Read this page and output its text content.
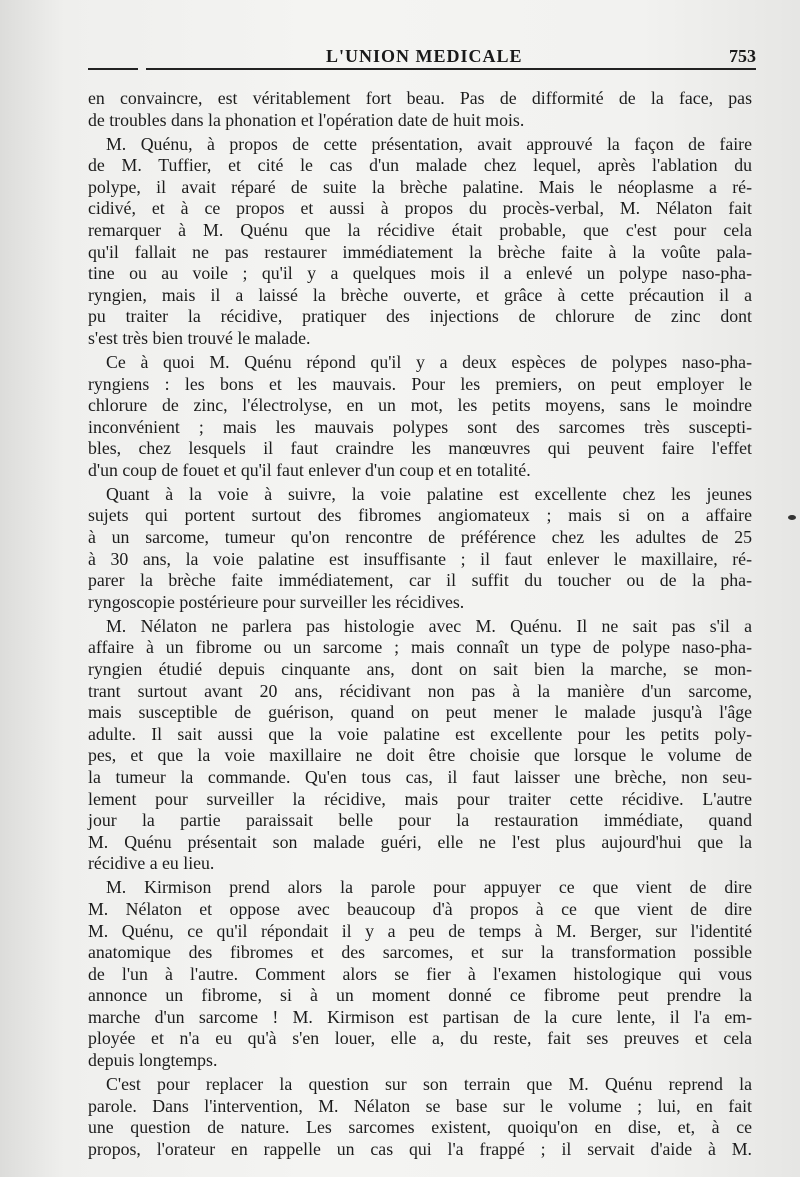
L'UNION MEDICALE	753

en convaincre, est véritablement fort beau. Pas de difformité de la face, pas
de troubles dans la phonation et l'opération date de huit mois.

M. Quénu, à propos de cette présentation, avait approuvé la façon de faire
de M. Tuffier, et cité le cas d'un malade chez lequel, après l'ablation du
polype, il avait réparé de suite la brèche palatine. Mais le néoplasme a ré-
cidivé, et à ce propos et aussi à propos du procès-verbal, M. Nélaton fait
remarquer à M. Quénu que la récidive était probable, que c'est pour cela
qu'il fallait ne pas restaurer immédiatement la brèche faite à la voûte pala-
tine ou au voile ; qu'il y a quelques mois il a enlevé un polype naso-pha-
ryngien, mais il a laissé la brèche ouverte, et grâce à cette précaution il a
pu traiter la récidive, pratiquer des injections de chlorure de zinc dont
s'est très bien trouvé le malade.

Ce à quoi M. Quénu répond qu'il y a deux espèces de polypes naso-pha-
ryngiens : les bons et les mauvais. Pour les premiers, on peut employer le
chlorure de zinc, l'électrolyse, en un mot, les petits moyens, sans le moindre
inconvénient ; mais les mauvais polypes sont des sarcomes très suscepti-
bles, chez lesquels il faut craindre les manœuvres qui peuvent faire l'effet
d'un coup de fouet et qu'il faut enlever d'un coup et en totalité.

Quant à la voie à suivre, la voie palatine est excellente chez les jeunes
sujets qui portent surtout des fibromes angiomateux ; mais si on a affaire
à un sarcome, tumeur qu'on rencontre de préférence chez les adultes de 25
à 30 ans, la voie palatine est insuffisante ; il faut enlever le maxillaire, ré-
parer la brèche faite immédiatement, car il suffit du toucher ou de la pha-
ryngoscopie postérieure pour surveiller les récidives.

M. Nélaton ne parlera pas histologie avec M. Quénu. Il ne sait pas s'il a
affaire à un fibrome ou un sarcome ; mais connaît un type de polype naso-pha-
ryngien étudié depuis cinquante ans, dont on sait bien la marche, se mon-
trant surtout avant 20 ans, récidivant non pas à la manière d'un sarcome,
mais susceptible de guérison, quand on peut mener le malade jusqu'à l'âge
adulte. Il sait aussi que la voie palatine est excellente pour les petits poly-
pes, et que la voie maxillaire ne doit être choisie que lorsque le volume de
la tumeur la commande. Qu'en tous cas, il faut laisser une brèche, non seu-
lement pour surveiller la récidive, mais pour traiter cette récidive. L'autre
jour la partie paraissait belle pour la restauration immédiate, quand
M. Quénu présentait son malade guéri, elle ne l'est plus aujourd'hui que la
récidive a eu lieu.

M. Kirmison prend alors la parole pour appuyer ce que vient de dire
M. Nélaton et oppose avec beaucoup d'à propos à ce que vient de dire
M. Quénu, ce qu'il répondait il y a peu de temps à M. Berger, sur l'identité
anatomique des fibromes et des sarcomes, et sur la transformation possible
de l'un à l'autre. Comment alors se fier à l'examen histologique qui vous
annonce un fibrome, si à un moment donné ce fibrome peut prendre la
marche d'un sarcome ! M. Kirmison est partisan de la cure lente, il l'a em-
ployée et n'a eu qu'à s'en louer, elle a, du reste, fait ses preuves et cela
depuis longtemps.

C'est pour replacer la question sur son terrain que M. Quénu reprend la
parole. Dans l'intervention, M. Nélaton se base sur le volume ; lui, en fait
une question de nature. Les sarcomes existent, quoiqu'on en dise, et, à ce
propos, l'orateur en rappelle un cas qui l'a frappé ; il servait d'aide à M.
